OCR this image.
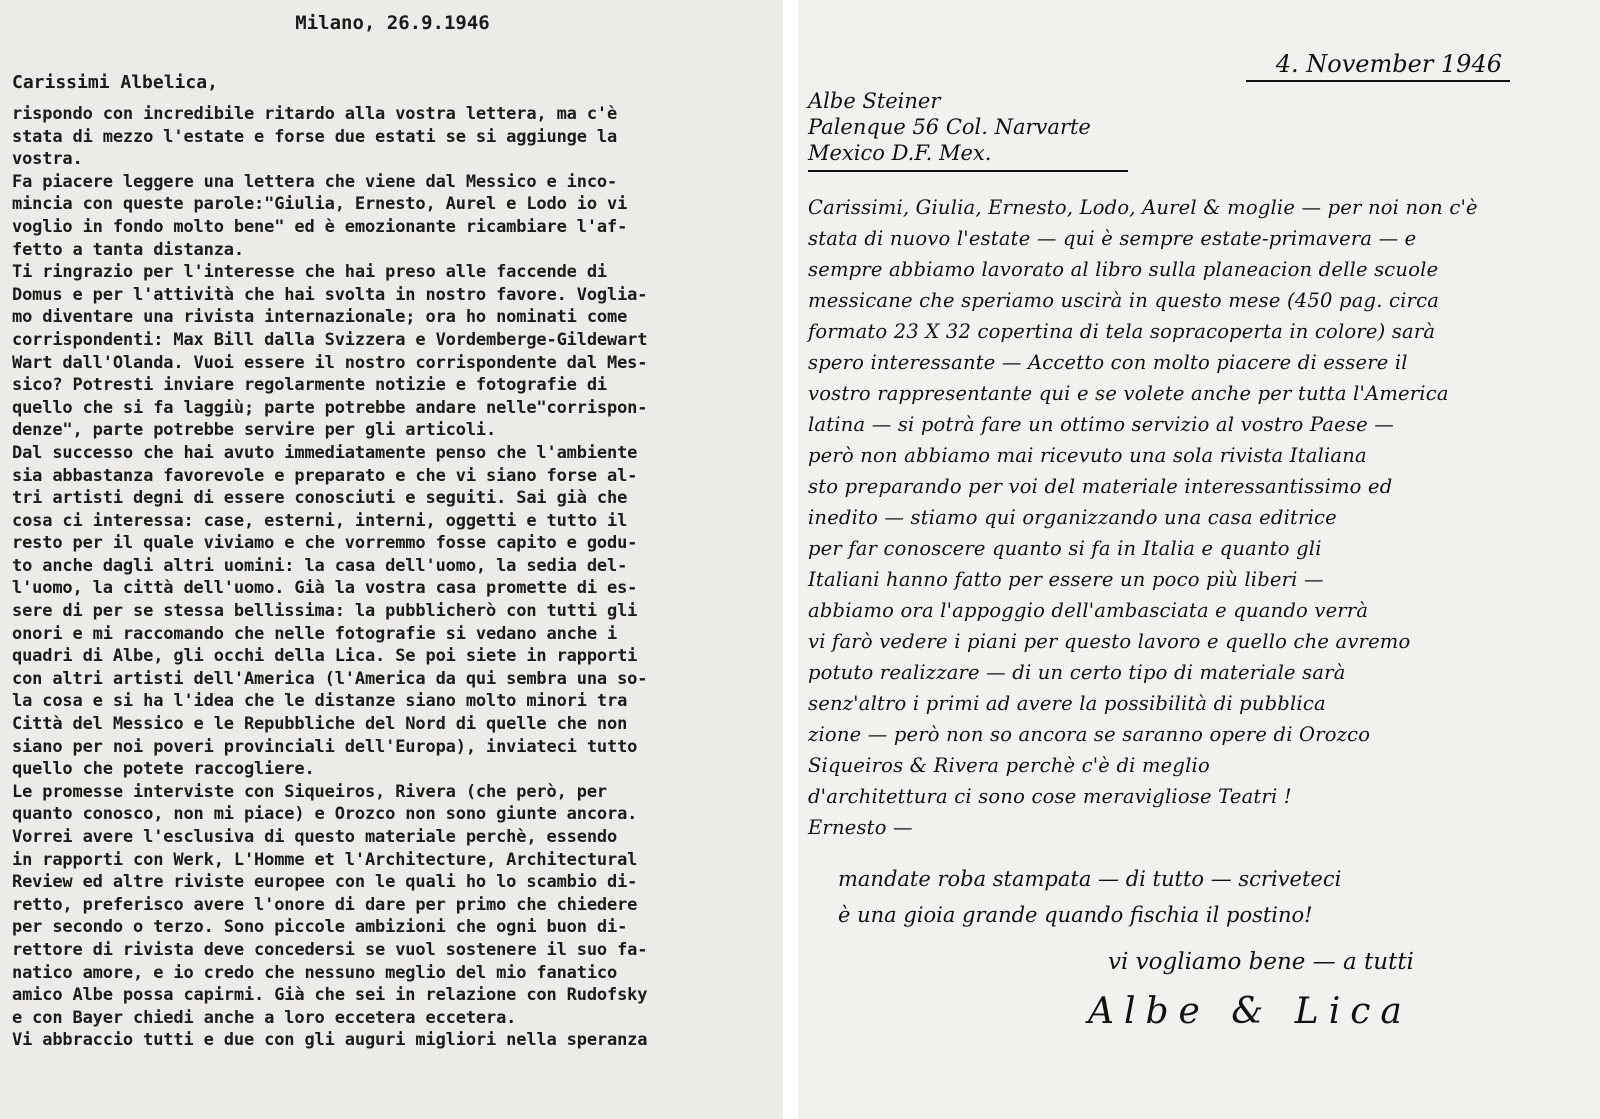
Milano, 26.9.1946
Carissimi Albelica,
rispondo con incredibile ritardo alla vostra lettera, ma c'è
stata di mezzo l'estate e forse due estati se si aggiunge la
vostra.
Fa piacere leggere una lettera che viene dal Messico e inco-
mincia con queste parole:"Giulia, Ernesto, Aurel e Lodo io vi
voglio in fondo molto bene" ed è emozionante ricambiare l'af-
fetto a tanta distanza.
Ti ringrazio per l'interesse che hai preso alle faccende di
Domus e per l'attività che hai svolta in nostro favore. Voglia-
mo diventare una rivista internazionale; ora ho nominati come
corrispondenti: Max Bill dalla Svizzera e Vordemberge-Gildewart
Wart dall'Olanda. Vuoi essere il nostro corrispondente dal Mes-
sico? Potresti inviare regolarmente notizie e fotografie di
quello che si fa laggiù; parte potrebbe andare nelle"corrispon-
denze", parte potrebbe servire per gli articoli.
Dal successo che hai avuto immediatamente penso che l'ambiente
sia abbastanza favorevole e preparato e che vi siano forse al-
tri artisti degni di essere conosciuti e seguiti. Sai già che
cosa ci interessa: case, esterni, interni, oggetti e tutto il
resto per il quale viviamo e che vorremmo fosse capito e godu-
to anche dagli altri uomini: la casa dell'uomo, la sedia del-
l'uomo, la città dell'uomo. Già la vostra casa promette di es-
sere di per se stessa bellissima: la pubblicherò con tutti gli
onori e mi raccomando che nelle fotografie si vedano anche i
quadri di Albe, gli occhi della Lica. Se poi siete in rapporti
con altri artisti dell'America (l'America da qui sembra una so-
la cosa e si ha l'idea che le distanze siano molto minori tra
Città del Messico e le Repubbliche del Nord di quelle che non
siano per noi poveri provinciali dell'Europa), inviateci tutto
quello che potete raccogliere.
Le promesse interviste con Siqueiros, Rivera (che però, per
quanto conosco, non mi piace) e Orozco non sono giunte ancora.
Vorrei avere l'esclusiva di questo materiale perchè, essendo
in rapporti con Werk, L'Homme et l'Architecture, Architectural
Review ed altre riviste europee con le quali ho lo scambio di-
retto, preferisco avere l'onore di dare per primo che chiedere
per secondo o terzo. Sono piccole ambizioni che ogni buon di-
rettore di rivista deve concedersi se vuol sostenere il suo fa-
natico amore, e io credo che nessuno meglio del mio fanatico
amico Albe possa capirmi. Già che sei in relazione con Rudofsky
e con Bayer chiedi anche a loro eccetera eccetera.
Vi abbraccio tutti e due con gli auguri migliori nella speranza
4. November 1946
Albe Steiner
Palenque 56 Col. Narvarte
Mexico D.F. Mex.
Carissimi, Giulia, Ernesto, Lodo, Aurel & moglie — per noi non c'è
stata di nuovo l'estate — qui è sempre estate-primavera — e
sempre abbiamo lavorato al libro sulla planeacion delle scuole
messicane che speriamo uscirà in questo mese (450 pag. circa
formato 23 X 32 copertina di tela sopracoperta in colore) sarà
spero interessante — Accetto con molto piacere di essere il
vostro rappresentante qui e se volete anche per tutta l'America
latina — si potrà fare un ottimo servizio al vostro Paese —
però non abbiamo mai ricevuto una sola rivista Italiana
sto preparando per voi del materiale interessantissimo ed
inedito — stiamo qui organizzando una casa editrice
per far conoscere quanto si fa in Italia e quanto gli
Italiani hanno fatto per essere un poco più liberi —
abbiamo ora l'appoggio dell'ambasciata e quando verrà
vi farò vedere i piani per questo lavoro e quello che avremo
potuto realizzare — di un certo tipo di materiale sarà
senz'altro i primi ad avere la possibilità di pubblica
zione — però non so ancora se saranno opere di Orozco
Siqueiros & Rivera perchè c'è di meglio
d'architettura ci sono cose meravigliose Teatri !
Ernesto —
mandate roba stampata — di tutto — scriveteci
è una gioia grande quando fischia il postino!
vi vogliamo bene — a tutti
Albe & Lica
